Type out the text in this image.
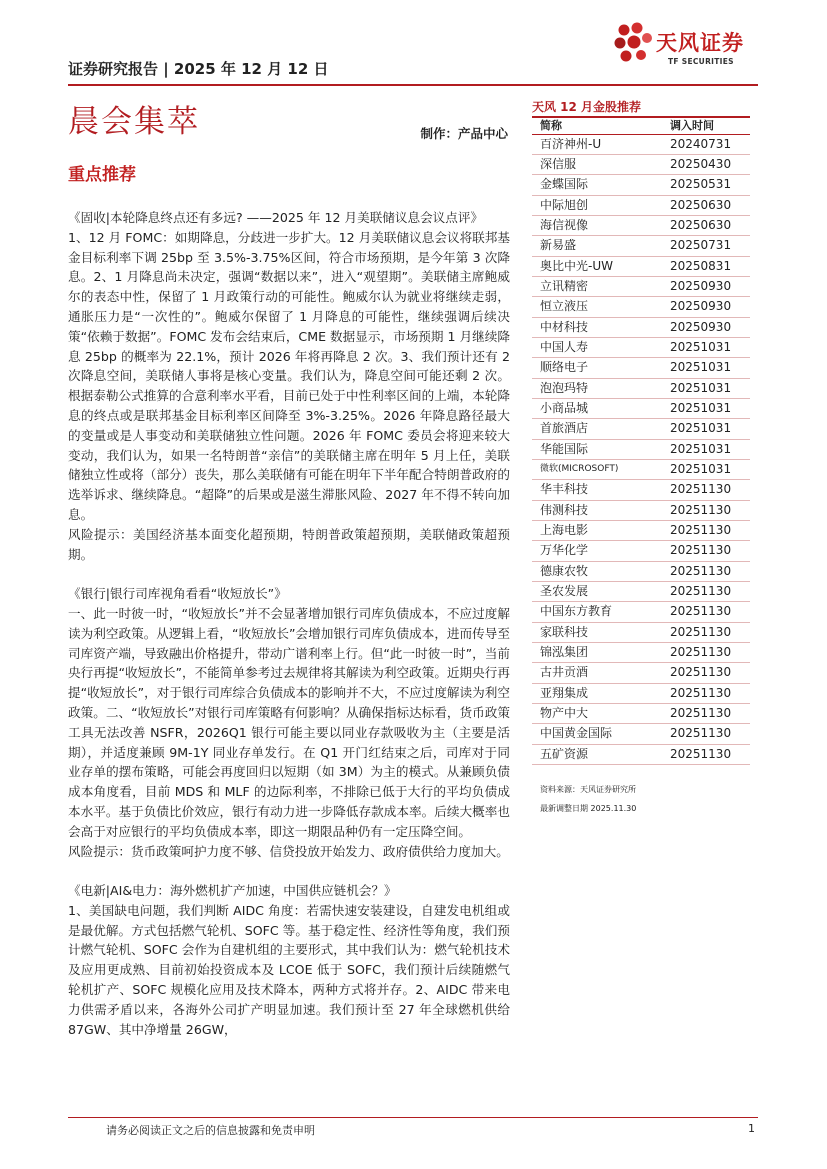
证券研究报告 | 2025 年 12 月 12 日
天风证券
TF SECURITIES
晨会集萃	制作：产品中心
重点推荐
《固收|本轮降息终点还有多远? ——2025 年 12 月美联储议息会议点评》
1、12 月 FOMC：如期降息，分歧进一步扩大。12 月美联储议息会议将联邦基金目标利率下调 25bp 至 3.5%-3.75%区间，符合市场预期，是今年第 3 次降息。2、1 月降息尚未决定，强调“数据以来”，进入“观望期”。美联储主席鲍威尔的表态中性，保留了 1 月政策行动的可能性。鲍威尔认为就业将继续走弱，通胀压力是“一次性的”。鲍威尔保留了 1 月降息的可能性，继续强调后续决策“依赖于数据”。FOMC 发布会结束后，CME 数据显示，市场预期 1 月继续降息 25bp 的概率为 22.1%，预计 2026 年将再降息 2 次。3、我们预计还有 2 次降息空间，美联储人事将是核心变量。我们认为，降息空间可能还剩 2 次。根据泰勒公式推算的合意利率水平看，目前已处于中性利率区间的上端，本轮降息的终点或是联邦基金目标利率区间降至 3%-3.25%。2026 年降息路径最大的变量或是人事变动和美联储独立性问题。2026 年 FOMC 委员会将迎来较大变动，我们认为，如果一名特朗普“亲信”的美联储主席在明年 5 月上任，美联储独立性或将（部分）丧失，那么美联储有可能在明年下半年配合特朗普政府的选举诉求、继续降息。“超降”的后果或是滋生滞胀风险、2027 年不得不转向加息。
风险提示：美国经济基本面变化超预期，特朗普政策超预期，美联储政策超预期。
《银行|银行司库视角看看“收短放长”》
一、此一时彼一时，“收短放长”并不会显著增加银行司库负债成本，不应过度解读为利空政策。从逻辑上看，“收短放长”会增加银行司库负债成本，进而传导至司库资产端，导致融出价格提升，带动广谱利率上行。但“此一时彼一时”，当前央行再提“收短放长”，不能简单参考过去规律将其解读为利空政策。近期央行再提“收短放长”，对于银行司库综合负债成本的影响并不大，不应过度解读为利空政策。二、“收短放长”对银行司库策略有何影响？从确保指标达标看，货币政策工具无法改善 NSFR，2026Q1 银行可能主要以同业存款吸收为主（主要是活期），并适度兼顾 9M-1Y 同业存单发行。在 Q1 开门红结束之后，司库对于同业存单的摆布策略，可能会再度回归以短期（如 3M）为主的模式。从兼顾负债成本角度看，目前 MDS 和 MLF 的边际利率，不排除已低于大行的平均负债成本水平。基于负债比价效应，银行有动力进一步降低存款成本率。后续大概率也会高于对应银行的平均负债成本率，即这一期限品种仍有一定压降空间。
风险提示：货币政策呵护力度不够、信贷投放开始发力、政府债供给力度加大。
《电新|AI&电力：海外燃机扩产加速，中国供应链机会？》
1、美国缺电问题，我们判断 AIDC 角度：若需快速安装建设，自建发电机组或是最优解。方式包括燃气轮机、SOFC 等。基于稳定性、经济性等角度，我们预计燃气轮机、SOFC 会作为自建机组的主要形式，其中我们认为：燃气轮机技术及应用更成熟、目前初始投资成本及 LCOE 低于 SOFC，我们预计后续随燃气轮机扩产、SOFC 规模化应用及技术降本，两种方式将并存。2、AIDC 带来电力供需矛盾以来，各海外公司扩产明显加速。我们预计至 27 年全球燃机供给 87GW、其中净增量 26GW，
天风 12 月金股推荐
简称	调入时间
百济神州-U	20240731
深信服	20250430
金蝶国际	20250531
中际旭创	20250630
海信视像	20250630
新易盛	20250731
奥比中光-UW	20250831
立讯精密	20250930
恒立液压	20250930
中材科技	20250930
中国人寿	20251031
顺络电子	20251031
泡泡玛特	20251031
小商品城	20251031
首旅酒店	20251031
华能国际	20251031
微软(MICROSOFT)	20251031
华丰科技	20251130
伟测科技	20251130
上海电影	20251130
万华化学	20251130
德康农牧	20251130
圣农发展	20251130
中国东方教育	20251130
家联科技	20251130
锦泓集团	20251130
古井贡酒	20251130
亚翔集成	20251130
物产中大	20251130
中国黄金国际	20251130
五矿资源	20251130
资料来源：天风证券研究所
最新调整日期 2025.11.30
请务必阅读正文之后的信息披露和免责申明	1
